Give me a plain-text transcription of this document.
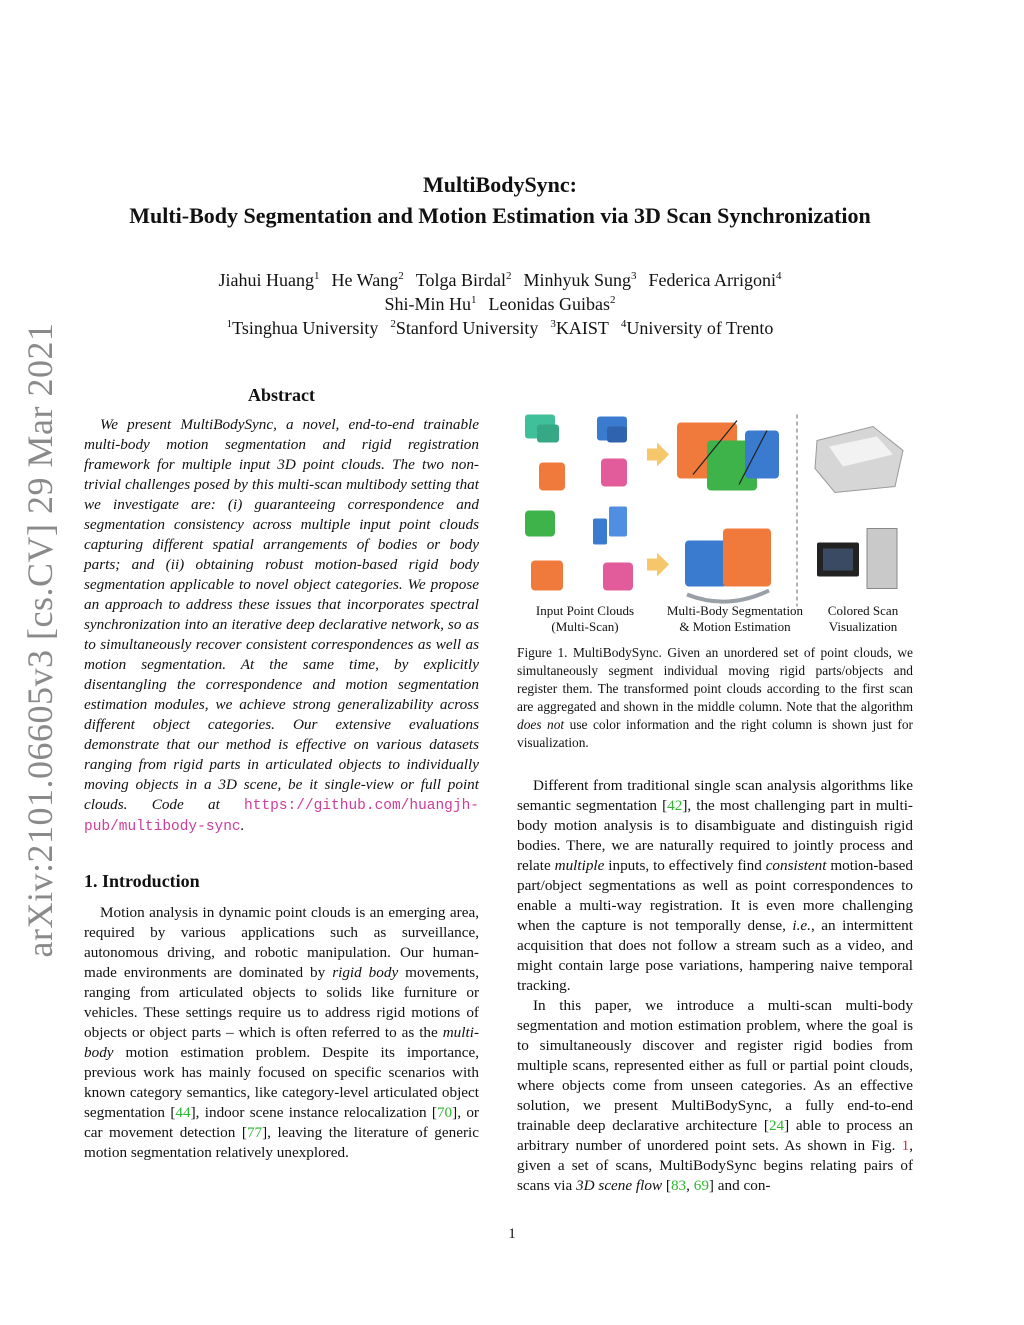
arXiv:2101.06605v3 [cs.CV] 29 Mar 2021
MultiBodySync:
Multi-Body Segmentation and Motion Estimation via 3D Scan Synchronization
Jiahui Huang$^1$ He Wang$^2$ Tolga Birdal$^2$ Minhyuk Sung$^3$ Federica Arrigoni$^4$
Shi-Min Hu$^1$ Leonidas Guibas$^2$
$^1$Tsinghua University $^2$Stanford University $^3$KAIST $^4$University of Trento
Abstract

We present MultiBodySync, a novel, end-to-end trainable multi-body motion segmentation and rigid registration framework for multiple input 3D point clouds. The two non-trivial challenges posed by this multi-scan multibody setting that we investigate are: (i) guaranteeing correspondence and segmentation consistency across multiple input point clouds capturing different spatial arrangements of bodies or body parts; and (ii) obtaining robust motion-based rigid body segmentation applicable to novel object categories. We propose an approach to address these issues that incorporates spectral synchronization into an iterative deep declarative network, so as to simultaneously recover consistent correspondences as well as motion segmentation. At the same time, by explicitly disentangling the correspondence and motion segmentation estimation modules, we achieve strong generalizability across different object categories. Our extensive evaluations demonstrate that our method is effective on various datasets ranging from rigid parts in articulated objects to individually moving objects in a 3D scene, be it single-view or full point clouds. Code at https://github.com/huangjh-pub/multibody-sync.

1. Introduction

Motion analysis in dynamic point clouds is an emerging area, required by various applications such as surveillance, autonomous driving, and robotic manipulation. Our human-made environments are dominated by rigid body movements, ranging from articulated objects to solids like furniture or vehicles. These settings require us to address rigid motions of objects or object parts – which is often referred to as the multi-body motion estimation problem. Despite its importance, previous work has mainly focused on specific scenarios with known category semantics, like category-level articulated object segmentation [44], indoor scene instance relocalization [70], or car movement detection [77], leaving the literature of generic motion segmentation relatively unexplored.

Input Point Clouds
(Multi-Scan)
Multi-Body Segmentation
& Motion Estimation
Colored Scan
Visualization
Figure 1. MultiBodySync. Given an unordered set of point clouds, we simultaneously segment individual moving rigid parts/objects and register them. The transformed point clouds according to the first scan are aggregated and shown in the middle column. Note that the algorithm does not use color information and the right column is shown just for visualization.

Different from traditional single scan analysis algorithms like semantic segmentation [42], the most challenging part in multi-body motion analysis is to disambiguate and distinguish rigid bodies. There, we are naturally required to jointly process and relate multiple inputs, to effectively find consistent motion-based part/object segmentations as well as point correspondences to enable a multi-way registration. It is even more challenging when the capture is not temporally dense, i.e., an intermittent acquisition that does not follow a stream such as a video, and might contain large pose variations, hampering naive temporal tracking.

In this paper, we introduce a multi-scan multi-body segmentation and motion estimation problem, where the goal is to simultaneously discover and register rigid bodies from multiple scans, represented either as full or partial point clouds, where objects come from unseen categories. As an effective solution, we present MultiBodySync, a fully end-to-end trainable deep declarative architecture [24] able to process an arbitrary number of unordered point sets. As shown in Fig. 1, given a set of scans, MultiBodySync begins relating pairs of scans via 3D scene flow [83, 69] and con-

1
